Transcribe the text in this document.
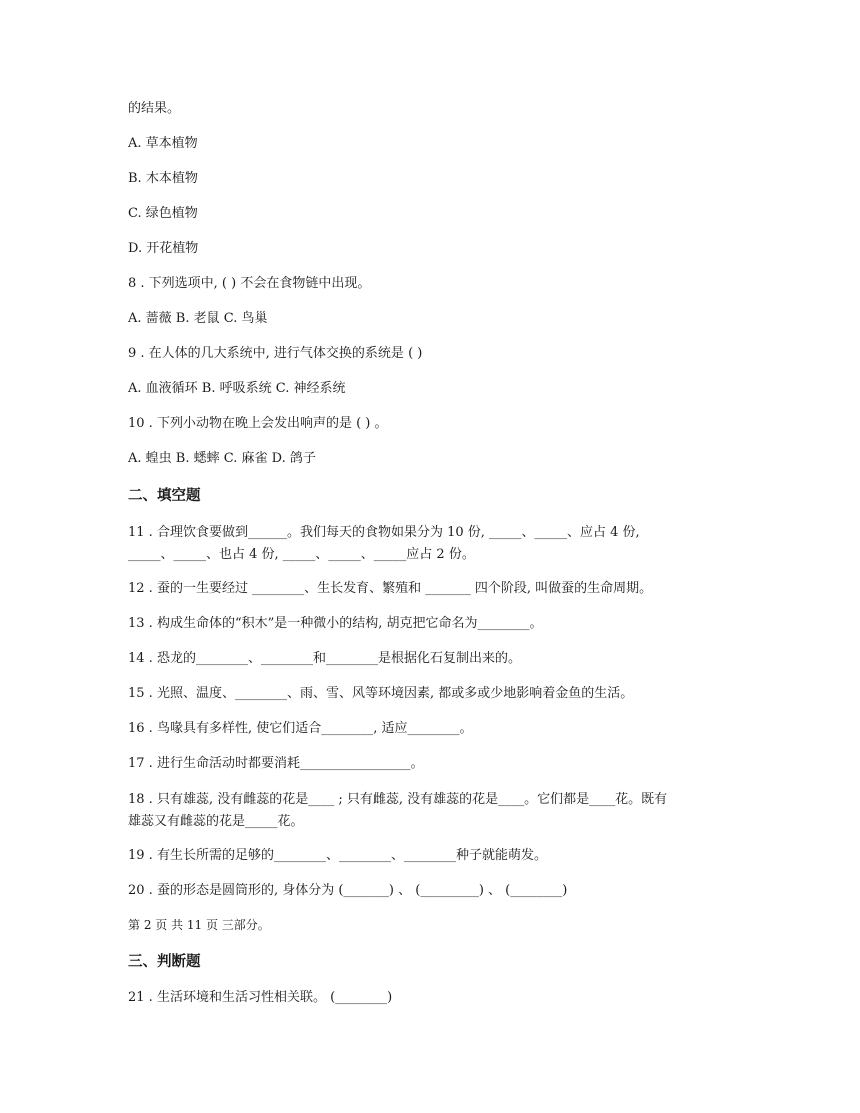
的结果。
A. 草本植物
B. 木本植物
C. 绿色植物
D. 开花植物
8 . 下列选项中, ( ) 不会在食物链中出现。
A. 蔷薇 B. 老鼠 C. 鸟巢
9 . 在人体的几大系统中, 进行气体交换的系统是 ( )
A. 血液循环 B. 呼吸系统 C. 神经系统
10 . 下列小动物在晚上会发出响声的是 ( ) 。
A. 蝗虫 B. 蟋蟀 C. 麻雀 D. 鸽子
二、填空题
11 . 合理饮食要做到______。我们每天的食物如果分为 10 份, _____、_____、应占 4 份,
_____、_____、也占 4 份, _____、_____、_____应占 2 份。
12 . 蚕的一生要经过 ________、生长发育、繁殖和 _______ 四个阶段, 叫做蚕的生命周期。
13 . 构成生命体的“积木”是一种微小的结构, 胡克把它命名为________。
14 . 恐龙的________、________和________是根据化石复制出来的。
15 . 光照、温度、________、雨、雪、风等环境因素, 都或多或少地影响着金鱼的生活。
16 . 鸟喙具有多样性, 使它们适合________, 适应________。
17 . 进行生命活动时都要消耗_________________。
18 . 只有雄蕊, 没有雌蕊的花是____ ; 只有雌蕊, 没有雄蕊的花是____。它们都是____花。既有
雄蕊又有雌蕊的花是_____花。
19 . 有生长所需的足够的________、________、________种子就能萌发。
20 . 蚕的形态是圆筒形的, 身体分为 (_______) 、 (_________) 、 (________)
第 2 页 共 11 页 三部分。
三、判断题
21 . 生活环境和生活习性相关联。 (________)
